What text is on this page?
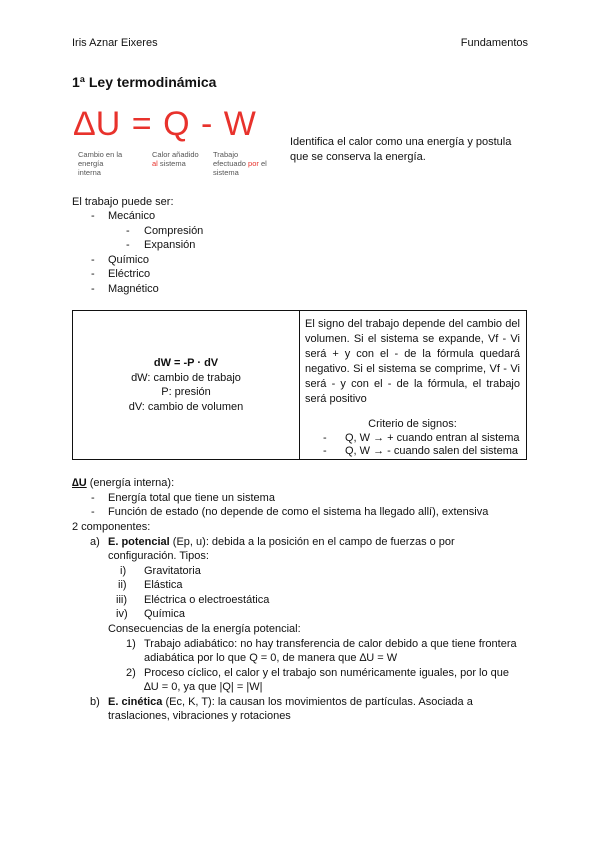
Iris Aznar Eixeres	Fundamentos
1ª Ley termodinámica
∆U = Q - W
Cambio en la energía interna
Calor añadido al sistema
Trabajo efectuado por el sistema
Identifica el calor como una energía y postula que se conserva la energía.
El trabajo puede ser:
- Mecánico
- Compresión
- Expansión
- Químico
- Eléctrico
- Magnético
dW = -P · dV
dW: cambio de trabajo
P: presión
dV: cambio de volumen

El signo del trabajo depende del cambio del volumen. Si el sistema se expande, Vf - Vi será + y con el - de la fórmula quedará negativo. Si el sistema se comprime, Vf - Vi será - y con el - de la fórmula, el trabajo será positivo
Criterio de signos:
- Q, W → + cuando entran al sistema
- Q, W → - cuando salen del sistema
∆U (energía interna):
- Energía total que tiene un sistema
- Función de estado (no depende de como el sistema ha llegado allí), extensiva
2 componentes:
a) E. potencial (Ep, u): debida a la posición en el campo de fuerzas o por
configuración. Tipos:
i) Gravitatoria
ii) Elástica
iii) Eléctrica o electroestática
iv) Química
Consecuencias de la energía potencial:
1) Trabajo adiabático: no hay transferencia de calor debido a que tiene frontera
adiabática por lo que Q = 0, de manera que ∆U = W
2) Proceso cíclico, el calor y el trabajo son numéricamente iguales, por lo que
∆U = 0, ya que |Q| = |W|
b) E. cinética (Ec, K, T): la causan los movimientos de partículas. Asociada a
traslaciones, vibraciones y rotaciones
